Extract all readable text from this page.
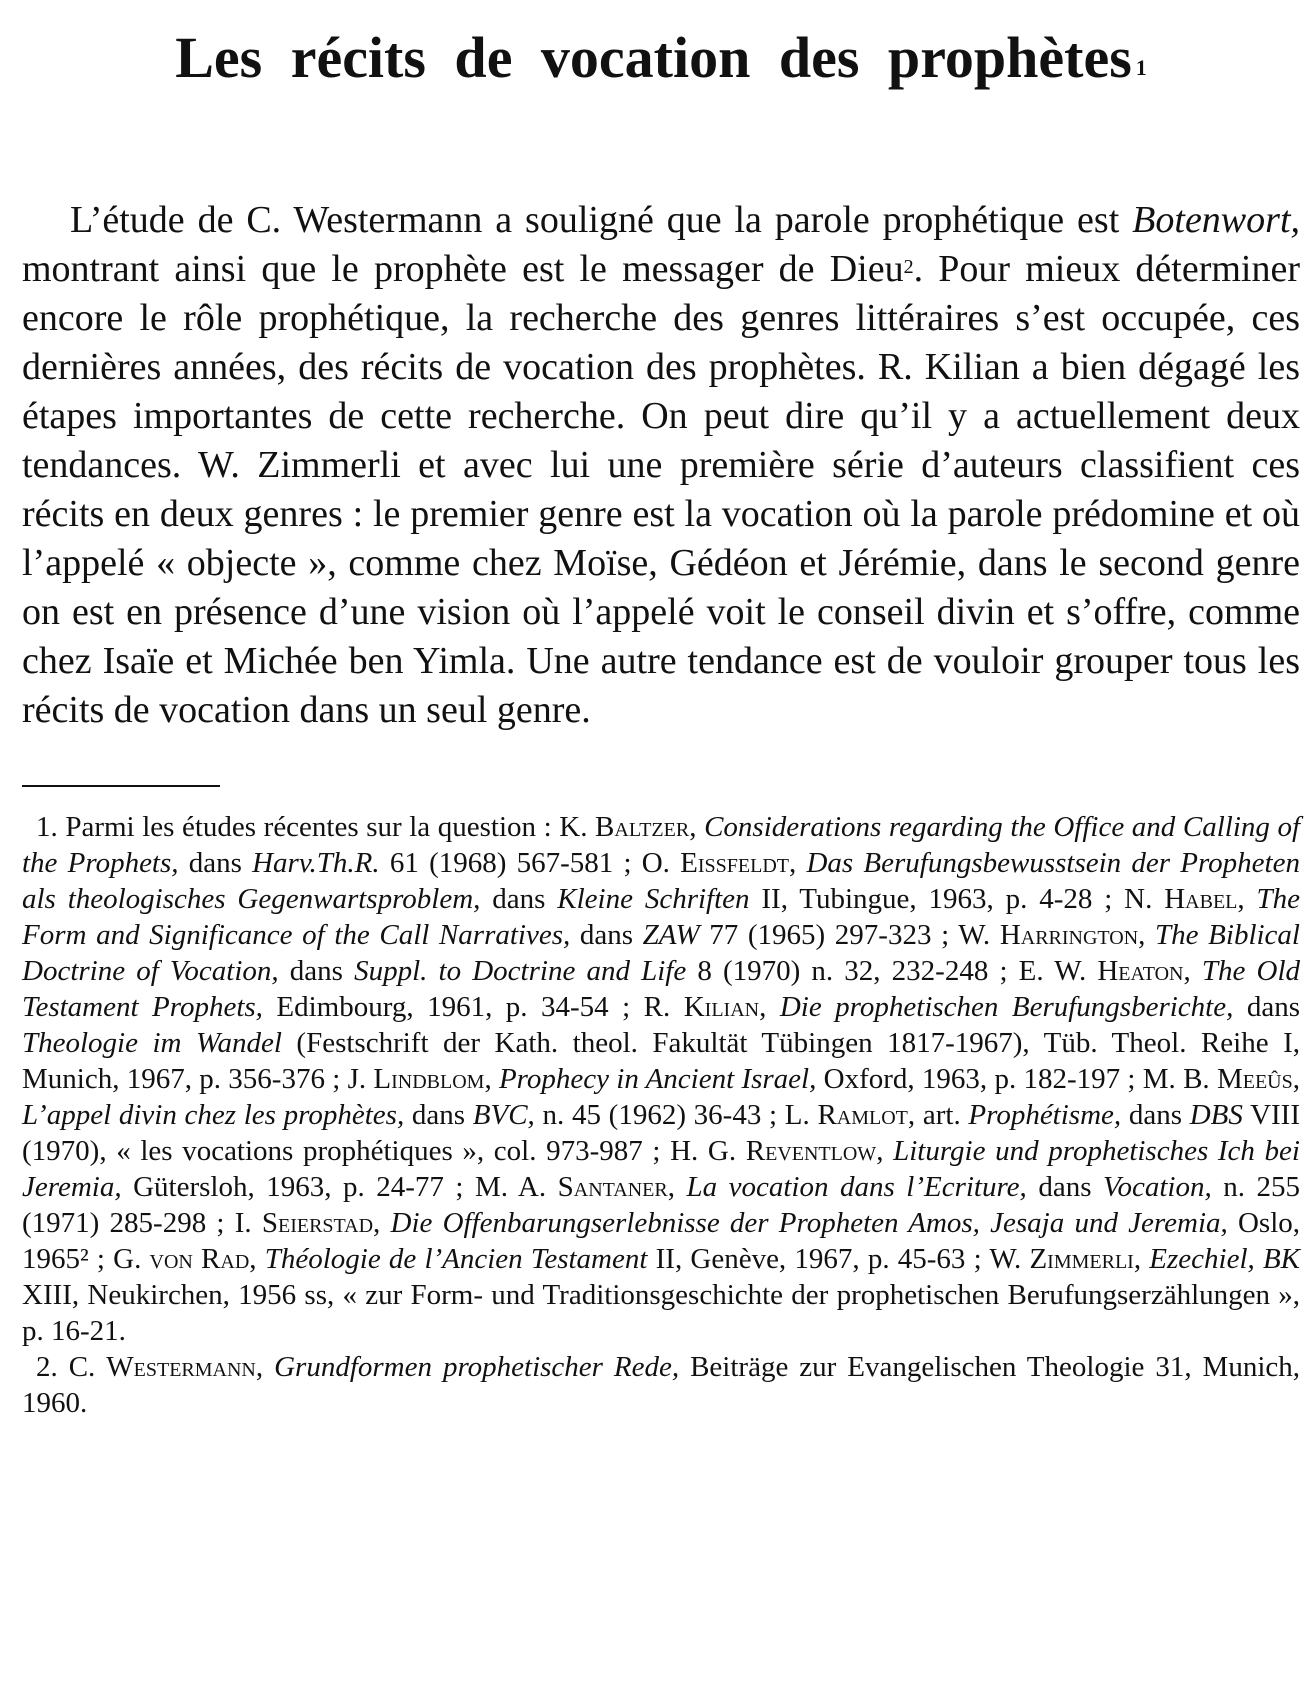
Les récits de vocation des prophètes $^1$

L’étude de C. Westermann a souligné que la parole prophétique est Botenwort, montrant ainsi que le prophète est le messager de Dieu$^2$. Pour mieux déterminer encore le rôle prophétique, la recherche des genres littéraires s’est occupée, ces dernières années, des récits de vocation des prophètes. R. Kilian a bien dégagé les étapes importantes de cette recherche. On peut dire qu’il y a actuellement deux tendances. W. Zimmerli et avec lui une première série d’auteurs classifient ces récits en deux genres : le premier genre est la vocation où la parole prédomine et où l’appelé « objecte », comme chez Moïse, Gédéon et Jérémie, dans le second genre on est en présence d’une vision où l’appelé voit le conseil divin et s’offre, comme chez Isaïe et Michée ben Yimla. Une autre tendance est de vouloir grouper tous les récits de vocation dans un seul genre.

1. Parmi les études récentes sur la question : K. Baltzer, Considerations regarding the Office and Calling of the Prophets, dans Harv.Th.R. 61 (1968) 567-581 ; O. Eissfeldt, Das Berufungsbewusstsein der Propheten als theologisches Gegenwartsproblem, dans Kleine Schriften II, Tubingue, 1963, p. 4-28 ; N. Habel, The Form and Significance of the Call Narratives, dans ZAW 77 (1965) 297-323 ; W. Harrington, The Biblical Doctrine of Vocation, dans Suppl. to Doctrine and Life 8 (1970) n. 32, 232-248 ; E. W. Heaton, The Old Testament Prophets, Edimbourg, 1961, p. 34-54 ; R. Kilian, Die prophetischen Berufungsberichte, dans Theologie im Wandel (Festschrift der Kath. theol. Fakultät Tübingen 1817-1967), Tüb. Theol. Reihe I, Munich, 1967, p. 356-376 ; J. Lindblom, Prophecy in Ancient Israel, Oxford, 1963, p. 182-197 ; M. B. Meeûs, L’appel divin chez les prophètes, dans BVC, n. 45 (1962) 36-43 ; L. Ramlot, art. Prophétisme, dans DBS VIII (1970), « les vocations prophétiques », col. 973-987 ; H. G. Reventlow, Liturgie und prophetisches Ich bei Jeremia, Gütersloh, 1963, p. 24-77 ; M. A. Santaner, La vocation dans l’Ecriture, dans Vocation, n. 255 (1971) 285-298 ; I. Seierstad, Die Offenbarungserlebnisse der Propheten Amos, Jesaja und Jeremia, Oslo, 1965² ; G. von Rad, Théologie de l’Ancien Testament II, Genève, 1967, p. 45-63 ; W. Zimmerli, Ezechiel, BK XIII, Neukirchen, 1956 ss, « zur Form- und Traditionsgeschichte der prophetischen Berufungserzählungen », p. 16-21.

2. C. Westermann, Grundformen prophetischer Rede, Beiträge zur Evangelischen Theologie 31, Munich, 1960.
